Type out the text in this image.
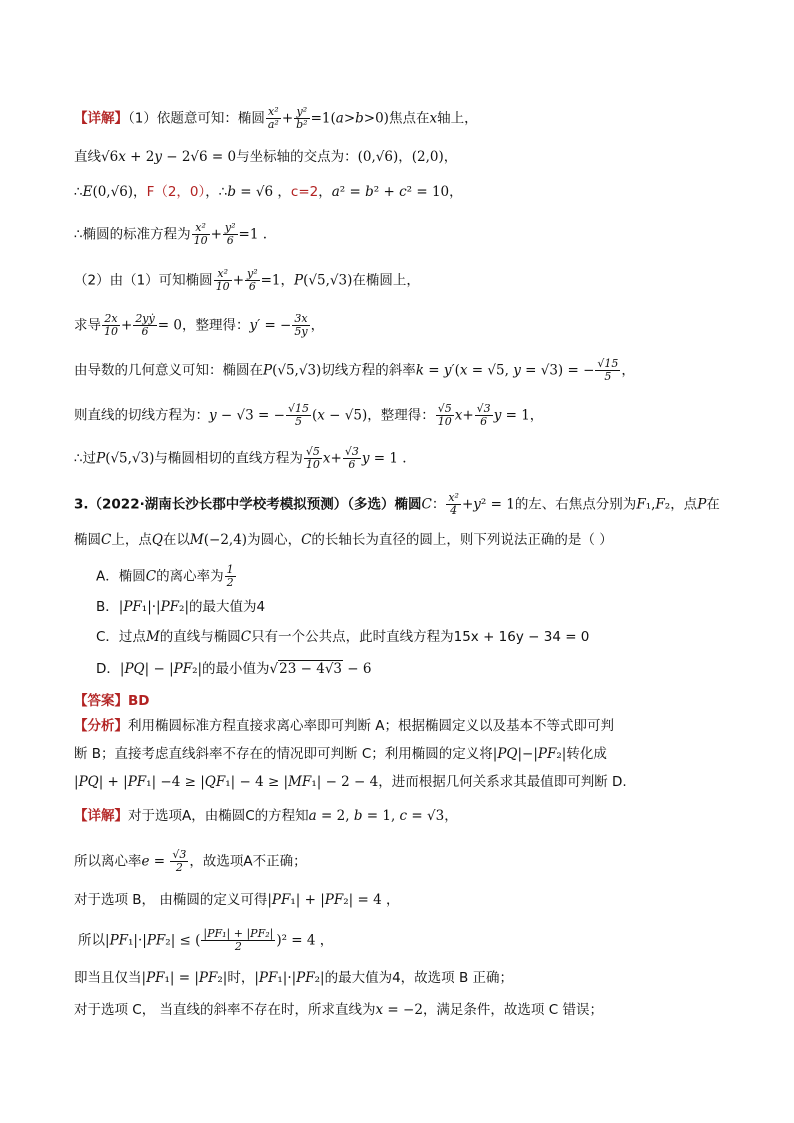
【详解】（1）依题意可知：椭圆 $\frac{\text{x²}}{\text{a²}} + \frac{\text{y²}}{\text{b²}} =1(a>b>0)$焦点在x轴上，
直线√6x + 2y − 2√6 = 0与坐标轴的交点为：(0,√6)，(2,0)，
∴E(0,√6)，F（2，0），∴b = √6 ，c=2，a² = b² + c² = 10，
∴椭圆的标准方程为 $\frac{\text{x²}}{10} + \frac{\text{y²}}{6} =1$ .
（2）由（1）可知椭圆 $\frac{\text{x²}}{10} + \frac{\text{y²}}{6} =1$，P(√5,√3)在椭圆上，
求导 $\frac{2x}{10} + \frac{\text{2yẏ}}{6} = 0$，整理得：y′ = − $\frac{3x}{5y}$ ，
由导数的几何意义可知：椭圆在P(√5,√3)切线方程的斜率k = y′(x = √5, y = √3) = − $\frac{√15}{5}$ ，
则直线的切线方程为：y − √3 = − $\frac{√15}{5} (x - √5)$，整理得： $\frac{√5}{10} x+ \frac{√3}{6}$ y = 1，
∴过P(√5,√3)与椭圆相切的直线方程为 $\frac{√5}{10} x+ \frac{√3}{6}$ y = 1 .
3.（2022·湖南长沙长郡中学校考模拟预测）（多选）椭圆C： $\frac{\text{x²}}{4} +y^2 = 1$的左、右焦点分别为F₁,F₂，点P在
椭圆C上，点Q在以M(−2,4)为圆心，C的长轴长为直径的圆上，则下列说法正确的是（ ）
A．椭圆C的离心率为 $\frac{1}{2}$
B．|PF₁|·|PF₂|的最大值为4
C．过点M的直线与椭圆C只有一个公共点，此时直线方程为15x + 16y − 34 = 0
D．|PQ| − |PF₂|的最小值为√23 − 4√3 − 6
【答案】BD
【分析】利用椭圆标准方程直接求离心率即可判断 A；根据椭圆定义以及基本不等式即可判
断 B；直接考虑直线斜率不存在的情况即可判断 C；利用椭圆的定义将|PQ|−|PF₂|转化成
|PQ| + |PF₁| −4 ≥ |QF₁| − 4 ≥ |MF₁| − 2 − 4，进而根据几何关系求其最值即可判断 D.
【详解】对于选项A，由椭圆C的方程知a = 2, b = 1, c = √3，
所以离心率$e = \frac{√3}{2}$ ，故选项A不正确；
对于选项 B， 由椭圆的定义可得|PF₁| + |PF₂| = 4 ，
所以|PF₁|·|PF₂| ≤ ( $\frac{\text{|PF₁| + |PF₂|}}{2} )^2 = 4$ ，
即当且仅当|PF₁| = |PF₂|时，|PF₁|·|PF₂|的最大值为4，故选项 B 正确；
对于选项 C， 当直线的斜率不存在时，所求直线为x = −2，满足条件，故选项 C 错误；
